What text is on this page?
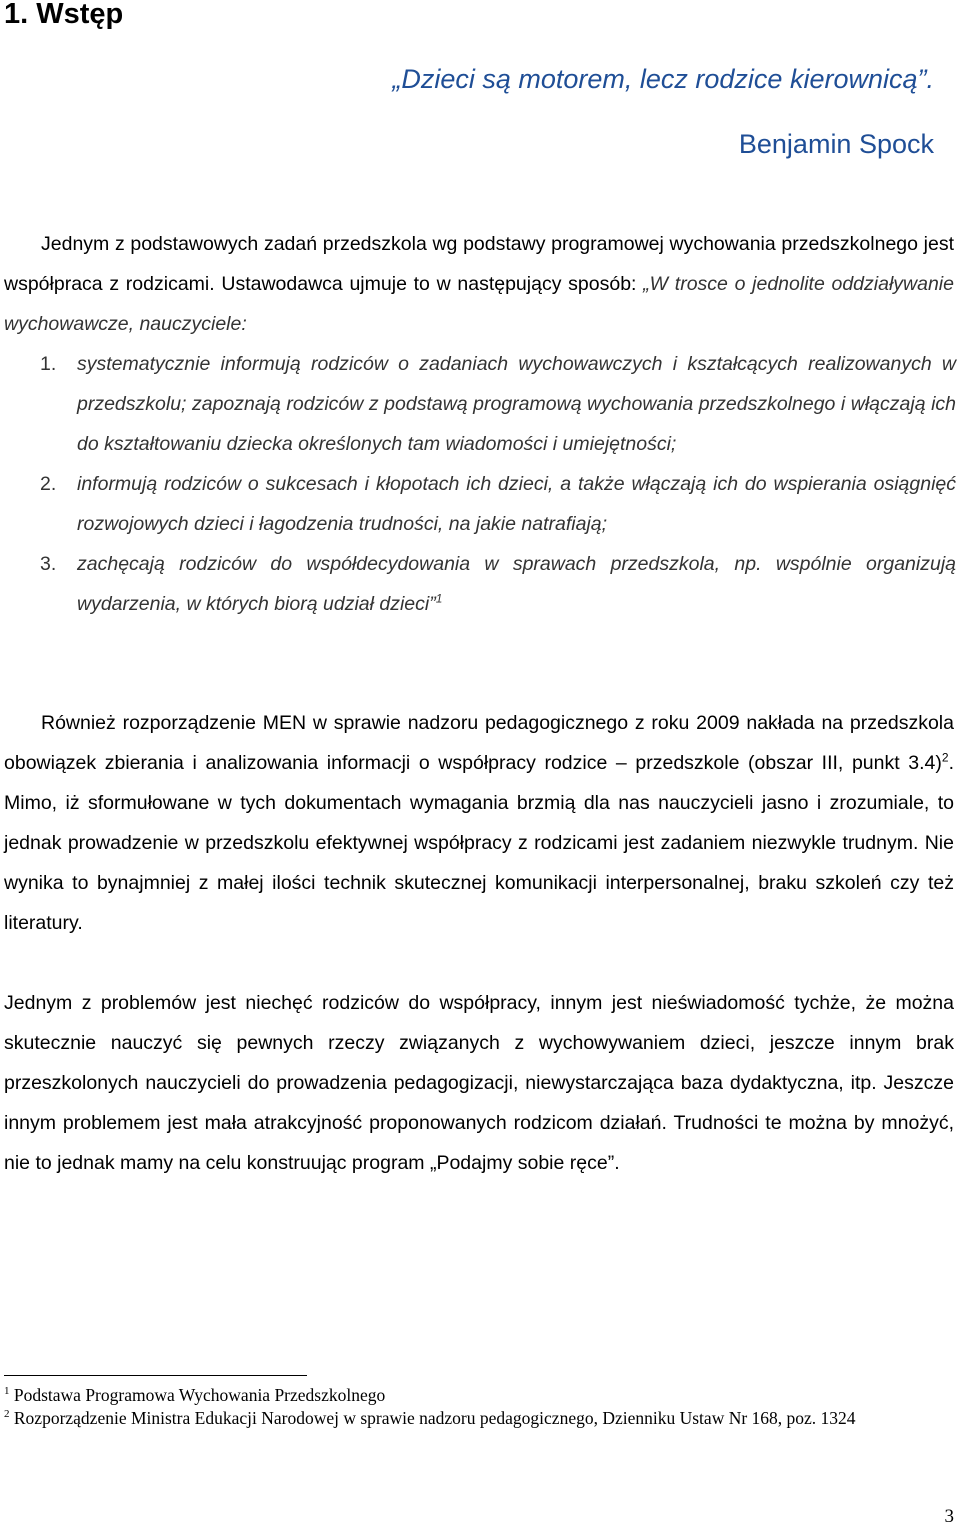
1. Wstęp
„Dzieci są motorem, lecz rodzice kierownicą”.
Benjamin Spock
Jednym z podstawowych zadań przedszkola wg podstawy programowej wychowania przedszkolnego jest współpraca z rodzicami. Ustawodawca ujmuje to w następujący sposób: „W trosce o jednolite oddziaływanie wychowawcze, nauczyciele:
1. systematycznie informują rodziców o zadaniach wychowawczych i kształcących realizowanych w przedszkolu; zapoznają rodziców z podstawą programową wychowania przedszkolnego i włączają ich do kształtowaniu dziecka określonych tam wiadomości i umiejętności;
2. informują rodziców o sukcesach i kłopotach ich dzieci, a także włączają ich do wspierania osiągnięć rozwojowych dzieci i łagodzenia trudności, na jakie natrafiają;
3. zachęcają rodziców do współdecydowania w sprawach przedszkola, np. wspólnie organizują wydarzenia, w których biorą udział dzieci”$^1$
Również rozporządzenie MEN w sprawie nadzoru pedagogicznego z roku 2009 nakłada na przedszkola obowiązek zbierania i analizowania informacji o współpracy rodzice – przedszkole (obszar III, punkt 3.4)$^2$. Mimo, iż sformułowane w tych dokumentach wymagania brzmią dla nas nauczycieli jasno i zrozumiale, to jednak prowadzenie w przedszkolu efektywnej współpracy z rodzicami jest zadaniem niezwykle trudnym. Nie wynika to bynajmniej z małej ilości technik skutecznej komunikacji interpersonalnej, braku szkoleń czy też literatury.
Jednym z problemów jest niechęć rodziców do współpracy, innym jest nieświadomość tychże, że można skutecznie nauczyć się pewnych rzeczy związanych z wychowywaniem dzieci, jeszcze innym brak przeszkolonych nauczycieli do prowadzenia pedagogizacji, niewystarczająca baza dydaktyczna, itp. Jeszcze innym problemem jest mała atrakcyjność proponowanych rodzicom działań. Trudności te można by mnożyć, nie to jednak mamy na celu konstruując program „Podajmy sobie ręce”.

$^1$ Podstawa Programowa Wychowania Przedszkolnego

$^2$ Rozporządzenie Ministra Edukacji Narodowej w sprawie nadzoru pedagogicznego, Dzienniku Ustaw Nr 168, poz. 1324

3
